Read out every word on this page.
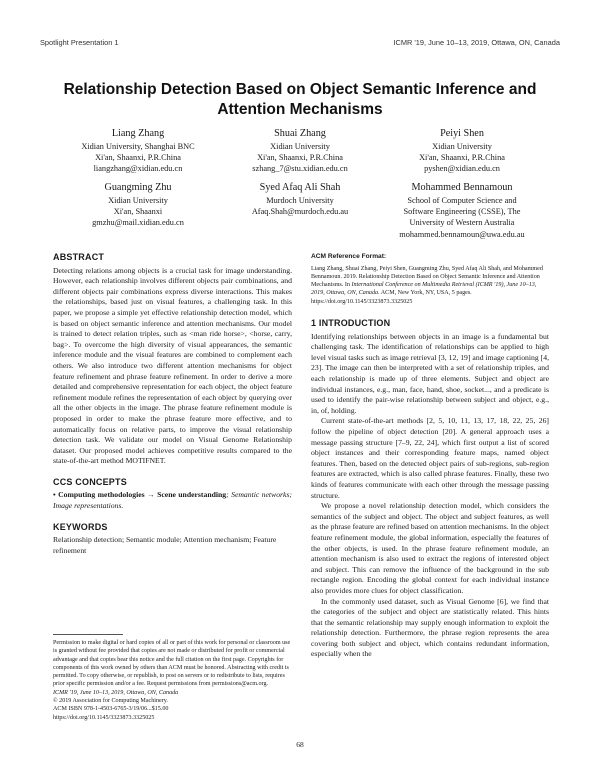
Spotlight Presentation 1	ICMR '19, June 10–13, 2019, Ottawa, ON, Canada
Relationship Detection Based on Object Semantic Inference and Attention Mechanisms
Liang Zhang
Xidian University, Shanghai BNC
Xi'an, Shaanxi, P.R.China
liangzhang@xidian.edu.cn
Shuai Zhang
Xidian University
Xi'an, Shaanxi, P.R.China
szhang_7@stu.xidian.edu.cn
Peiyi Shen
Xidian University
Xi'an, Shaanxi, P.R.China
pyshen@xidian.edu.cn
Guangming Zhu
Xidian University
Xi'an, Shaanxi
gmzhu@mail.xidian.edu.cn
Syed Afaq Ali Shah
Murdoch University
Afaq.Shah@murdoch.edu.au
Mohammed Bennamoun
School of Computer Science and
Software Engineering (CSSE), The
University of Western Australia
mohammed.bennamoun@uwa.edu.au
ABSTRACT

Detecting relations among objects is a crucial task for image understanding. However, each relationship involves different objects pair combinations, and different objects pair combinations express diverse interactions. This makes the relationships, based just on visual features, a challenging task. In this paper, we propose a simple yet effective relationship detection model, which is based on object semantic inference and attention mechanisms. Our model is trained to detect relation triples, such as <man ride horse>, <horse, carry, bag>. To overcome the high diversity of visual appearances, the semantic inference module and the visual features are combined to complement each others. We also introduce two different attention mechanisms for object feature refinement and phrase feature refinement. In order to derive a more detailed and comprehensive representation for each object, the object feature refinement module refines the representation of each object by querying over all the other objects in the image. The phrase feature refinement module is proposed in order to make the phrase feature more effective, and to automatically focus on relative parts, to improve the visual relationship detection task. We validate our model on Visual Genome Relationship dataset. Our proposed model achieves competitive results compared to the state-of-the-art method MOTIFNET.

CCS CONCEPTS

• Computing methodologies → Scene understanding; Semantic networks; Image representations.

KEYWORDS

Relationship detection; Semantic module; Attention mechanism; Feature refinement

Permission to make digital or hard copies of all or part of this work for personal or classroom use is granted without fee provided that copies are not made or distributed for profit or commercial advantage and that copies bear this notice and the full citation on the first page. Copyrights for components of this work owned by others than ACM must be honored. Abstracting with credit is permitted. To copy otherwise, or republish, to post on servers or to redistribute to lists, requires prior specific permission and/or a fee. Request permissions from permissions@acm.org.
ICMR '19, June 10–13, 2019, Ottawa, ON, Canada
© 2019 Association for Computing Machinery.
ACM ISBN 978-1-4503-6765-3/19/06...$15.00
https://doi.org/10.1145/3323873.3325025
ACM Reference Format:

Liang Zhang, Shuai Zhang, Peiyi Shen, Guangming Zhu, Syed Afaq Ali Shah, and Mohammed Bennamoun. 2019. Relationship Detection Based on Object Semantic Inference and Attention Mechanisms. In International Conference on Multimedia Retrieval (ICMR '19), June 10–13, 2019, Ottawa, ON, Canada. ACM, New York, NY, USA, 5 pages. https://doi.org/10.1145/3323873.3325025

1 INTRODUCTION

Identifying relationships between objects in an image is a fundamental but challenging task. The identification of relationships can be applied to high level visual tasks such as image retrieval [3, 12, 19] and image captioning [4, 23]. The image can then be interpreted with a set of relationship triples, and each relationship is made up of three elements. Subject and object are individual instances, e.g., man, face, hand, shoe, socket..., and a predicate is used to identify the pair-wise relationship between subject and object, e.g., in, of, holding.

Current state-of-the-art methods [2, 5, 10, 11, 13, 17, 18, 22, 25, 26] follow the pipeline of object detection [20]. A general approach uses a message passing structure [7–9, 22, 24], which first output a list of scored object instances and their corresponding feature maps, named object features. Then, based on the detected object pairs of sub-regions, sub-region features are extracted, which is also called phrase features. Finally, these two kinds of features communicate with each other through the message passing structure.

We propose a novel relationship detection model, which considers the semantics of the subject and object. The object and subject features, as well as the phrase feature are refined based on attention mechanisms. In the object feature refinement module, the global information, especially the features of the other objects, is used. In the phrase feature refinement module, an attention mechanism is also used to extract the regions of interested object and subject. This can remove the influence of the background in the sub rectangle region. Encoding the global context for each individual instance also provides more clues for object classification.

In the commonly used dataset, such as Visual Genome [6], we find that the categories of the subject and object are statistically related. This hints that the semantic relationship may supply enough information to exploit the relationship detection. Furthermore, the phrase region represents the area covering both subject and object, which contains redundant information, especially when the

68
